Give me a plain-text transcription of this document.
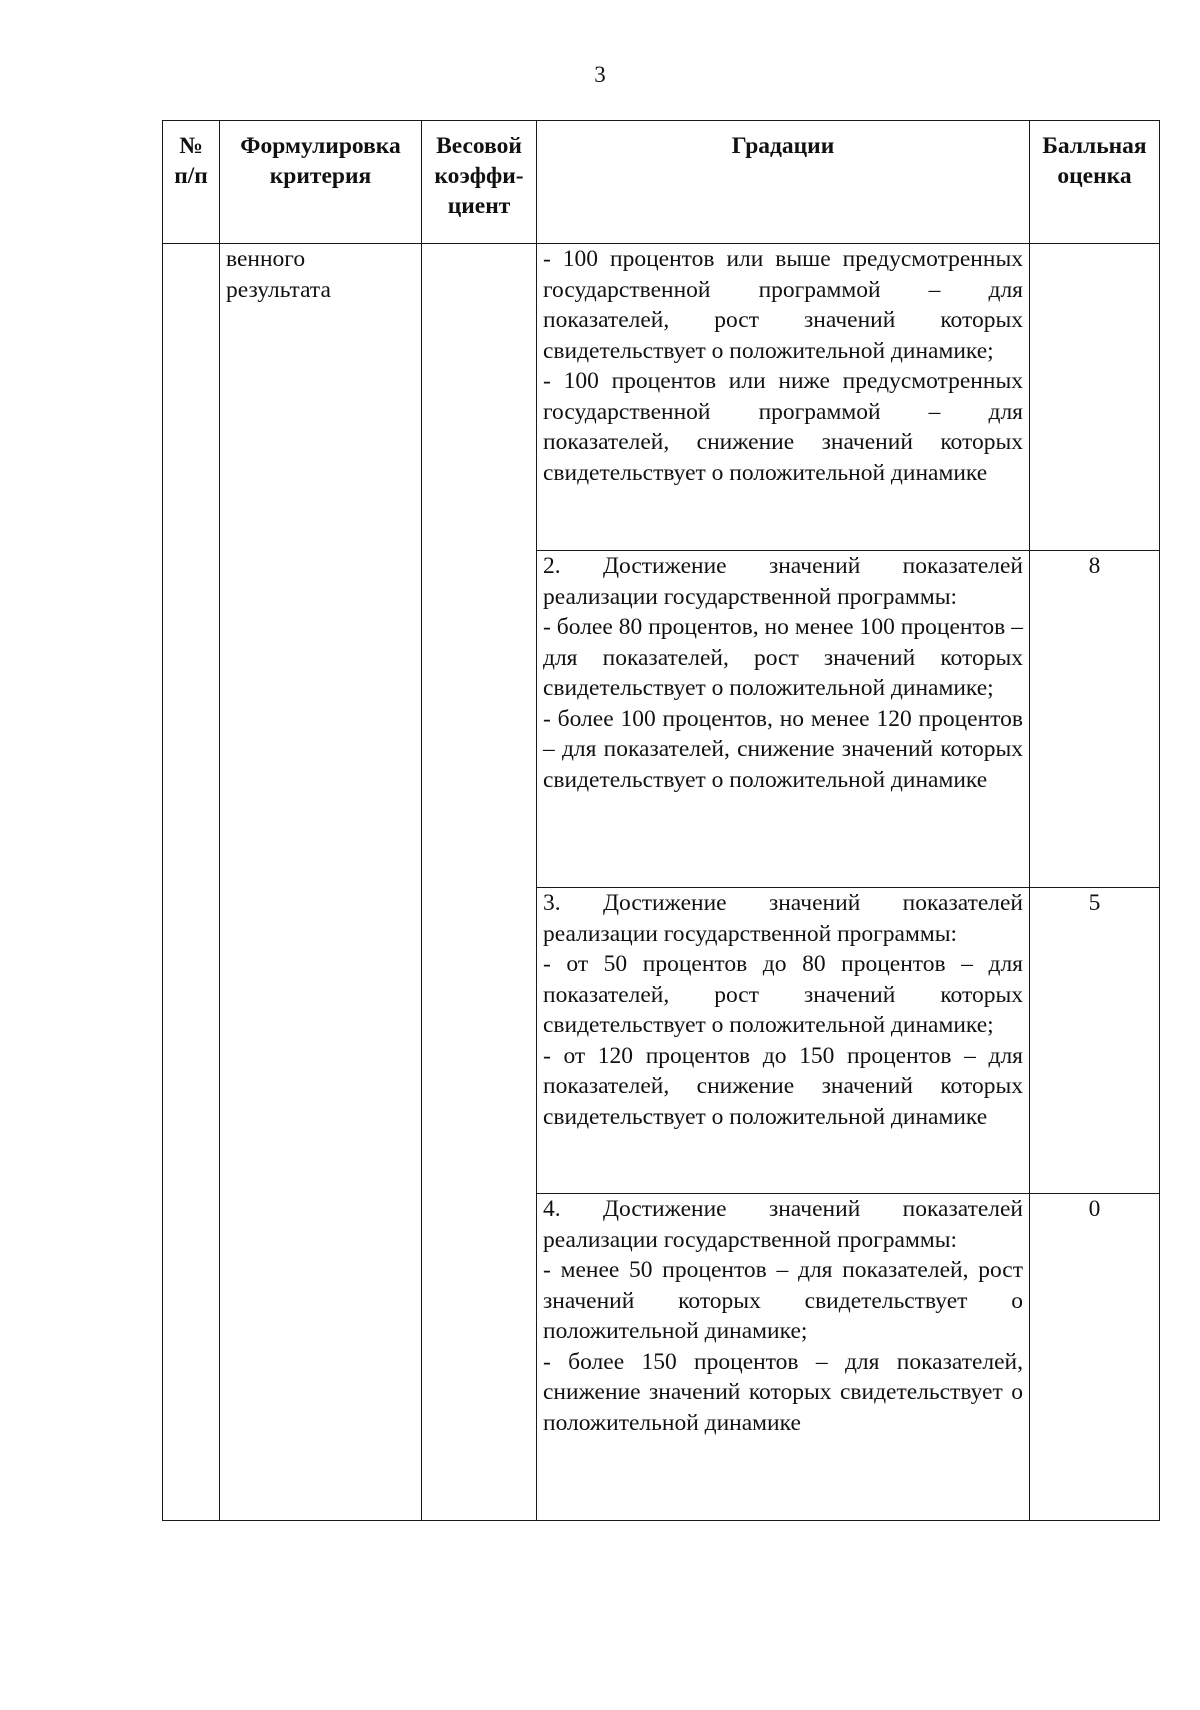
3
№ п/п	Формулировка критерия	Весовой коэффи-циент	Градации	Балльная оценка
	венного результата		- 100 процентов или выше предусмотренных государственной программой – для показателей, рост значений которых свидетельствует о положительной динамике;

- 100 процентов или ниже предусмотренных государственной программой – для показателей, снижение значений которых свидетельствует о положительной динамике	

			2. Достижение значений показателей реализации государственной программы:

- более 80 процентов, но менее 100 процентов – для показателей, рост значений которых свидетельствует о положительной динамике;

- более 100 процентов, но менее 120 процентов – для показателей, снижение значений которых свидетельствует о положительной динамике	8

			3. Достижение значений показателей реализации государственной программы:

- от 50 процентов до 80 процентов – для показателей, рост значений которых свидетельствует о положительной динамике;

- от 120 процентов до 150 процентов – для показателей, снижение значений которых свидетельствует о положительной динамике	5

			4. Достижение значений показателей реализации государственной программы:

- менее 50 процентов – для показателей, рост значений которых свидетельствует о положительной динамике;

- более 150 процентов – для показателей, снижение значений которых свидетельствует о положительной динамике	0
